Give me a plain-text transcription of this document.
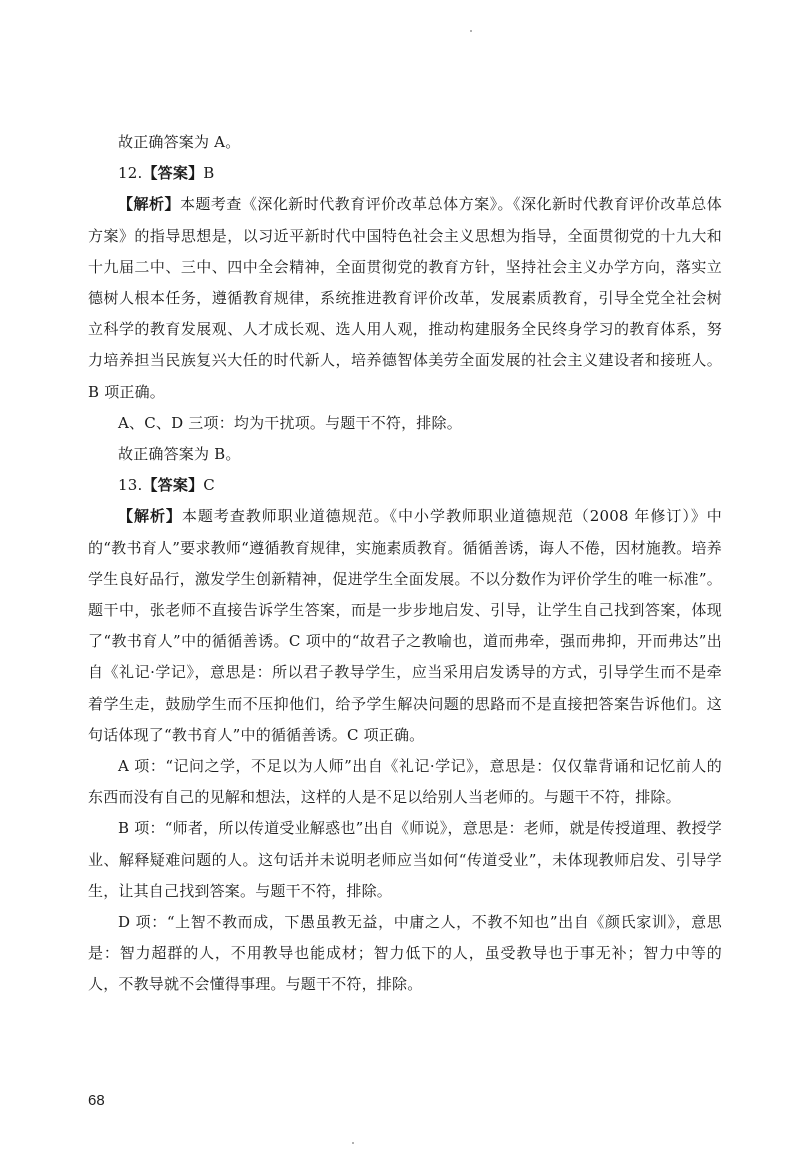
故正确答案为 A。

12.【答案】B

【解析】本题考查《深化新时代教育评价改革总体方案》。《深化新时代教育评价改革总体方案》的指导思想是，以习近平新时代中国特色社会主义思想为指导，全面贯彻党的十九大和十九届二中、三中、四中全会精神，全面贯彻党的教育方针，坚持社会主义办学方向，落实立德树人根本任务，遵循教育规律，系统推进教育评价改革，发展素质教育，引导全党全社会树立科学的教育发展观、人才成长观、选人用人观，推动构建服务全民终身学习的教育体系，努力培养担当民族复兴大任的时代新人，培养德智体美劳全面发展的社会主义建设者和接班人。B 项正确。

A、C、D 三项：均为干扰项。与题干不符，排除。

故正确答案为 B。

13.【答案】C

【解析】本题考查教师职业道德规范。《中小学教师职业道德规范（2008 年修订）》中的“教书育人”要求教师“遵循教育规律，实施素质教育。循循善诱，诲人不倦，因材施教。培养学生良好品行，激发学生创新精神，促进学生全面发展。不以分数作为评价学生的唯一标准”。题干中，张老师不直接告诉学生答案，而是一步步地启发、引导，让学生自己找到答案，体现了“教书育人”中的循循善诱。C 项中的“故君子之教喻也，道而弗牵，强而弗抑，开而弗达”出自《礼记·学记》，意思是：所以君子教导学生，应当采用启发诱导的方式，引导学生而不是牵着学生走，鼓励学生而不压抑他们，给予学生解决问题的思路而不是直接把答案告诉他们。这句话体现了“教书育人”中的循循善诱。C 项正确。

A 项：“记问之学，不足以为人师”出自《礼记·学记》，意思是：仅仅靠背诵和记忆前人的东西而没有自己的见解和想法，这样的人是不足以给别人当老师的。与题干不符，排除。

B 项：“师者，所以传道受业解惑也”出自《师说》，意思是：老师，就是传授道理、教授学业、解释疑难问题的人。这句话并未说明老师应当如何“传道受业”，未体现教师启发、引导学生，让其自己找到答案。与题干不符，排除。

D 项：“上智不教而成，下愚虽教无益，中庸之人，不教不知也”出自《颜氏家训》，意思是：智力超群的人，不用教导也能成材；智力低下的人，虽受教导也于事无补；智力中等的人，不教导就不会懂得事理。与题干不符，排除。

68
